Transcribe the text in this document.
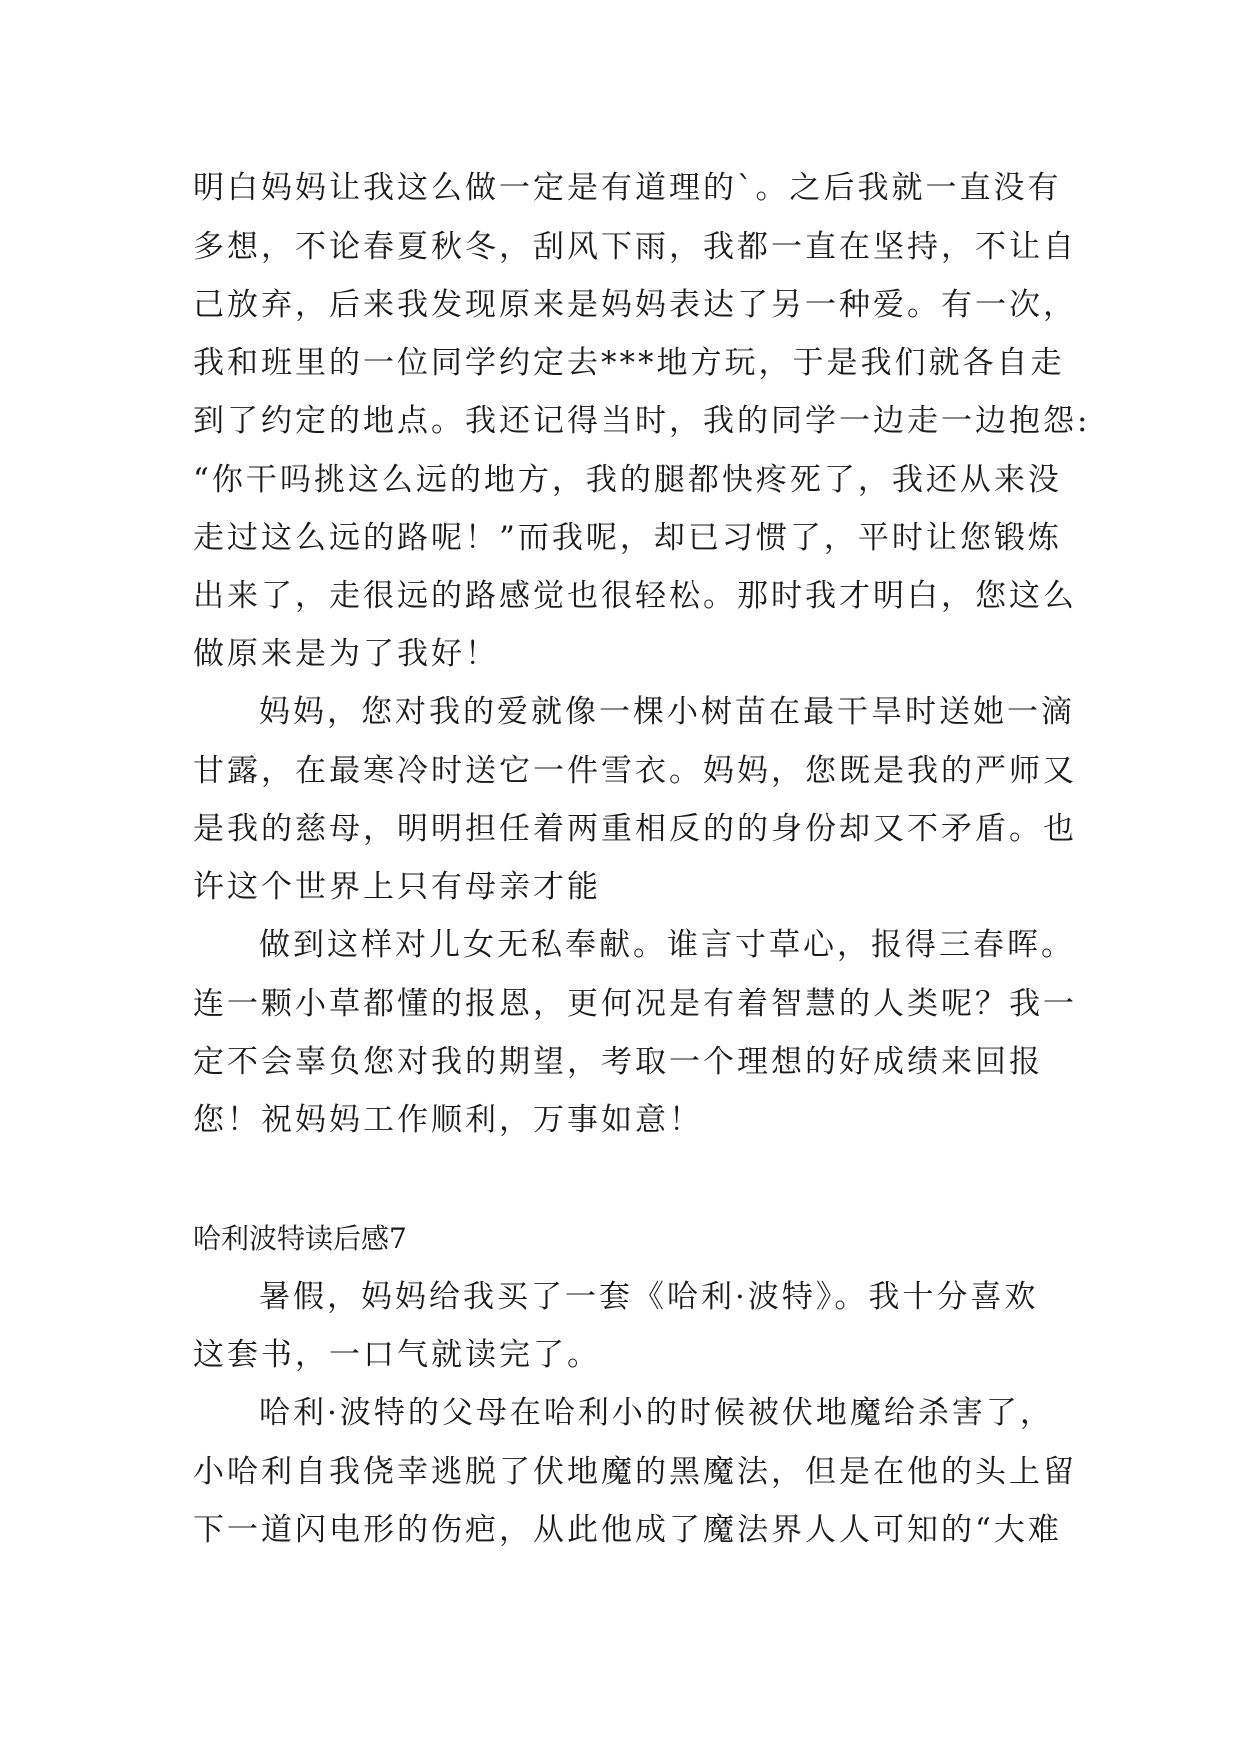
明白妈妈让我这么做一定是有道理的`。之后我就一直没有
多想，不论春夏秋冬，刮风下雨，我都一直在坚持，不让自
己放弃，后来我发现原来是妈妈表达了另一种爱。有一次，
我和班里的一位同学约定去***地方玩，于是我们就各自走
到了约定的地点。我还记得当时，我的同学一边走一边抱怨:
“你干吗挑这么远的地方，我的腿都快疼死了，我还从来没
走过这么远的路呢！”而我呢，却已习惯了，平时让您锻炼
出来了，走很远的路感觉也很轻松。那时我才明白，您这么
做原来是为了我好！
妈妈，您对我的爱就像一棵小树苗在最干旱时送她一滴
甘露，在最寒冷时送它一件雪衣。妈妈，您既是我的严师又
是我的慈母，明明担任着两重相反的的身份却又不矛盾。也
许这个世界上只有母亲才能
做到这样对儿女无私奉献。谁言寸草心，报得三春晖。
连一颗小草都懂的报恩，更何况是有着智慧的人类呢？我一
定不会辜负您对我的期望，考取一个理想的好成绩来回报
您！祝妈妈工作顺利，万事如意！
哈利波特读后感7
暑假，妈妈给我买了一套《哈利·波特》。我十分喜欢
这套书，一口气就读完了。
哈利·波特的父母在哈利小的时候被伏地魔给杀害了，
小哈利自我侥幸逃脱了伏地魔的黑魔法，但是在他的头上留
下一道闪电形的伤疤，从此他成了魔法界人人可知的“大难
